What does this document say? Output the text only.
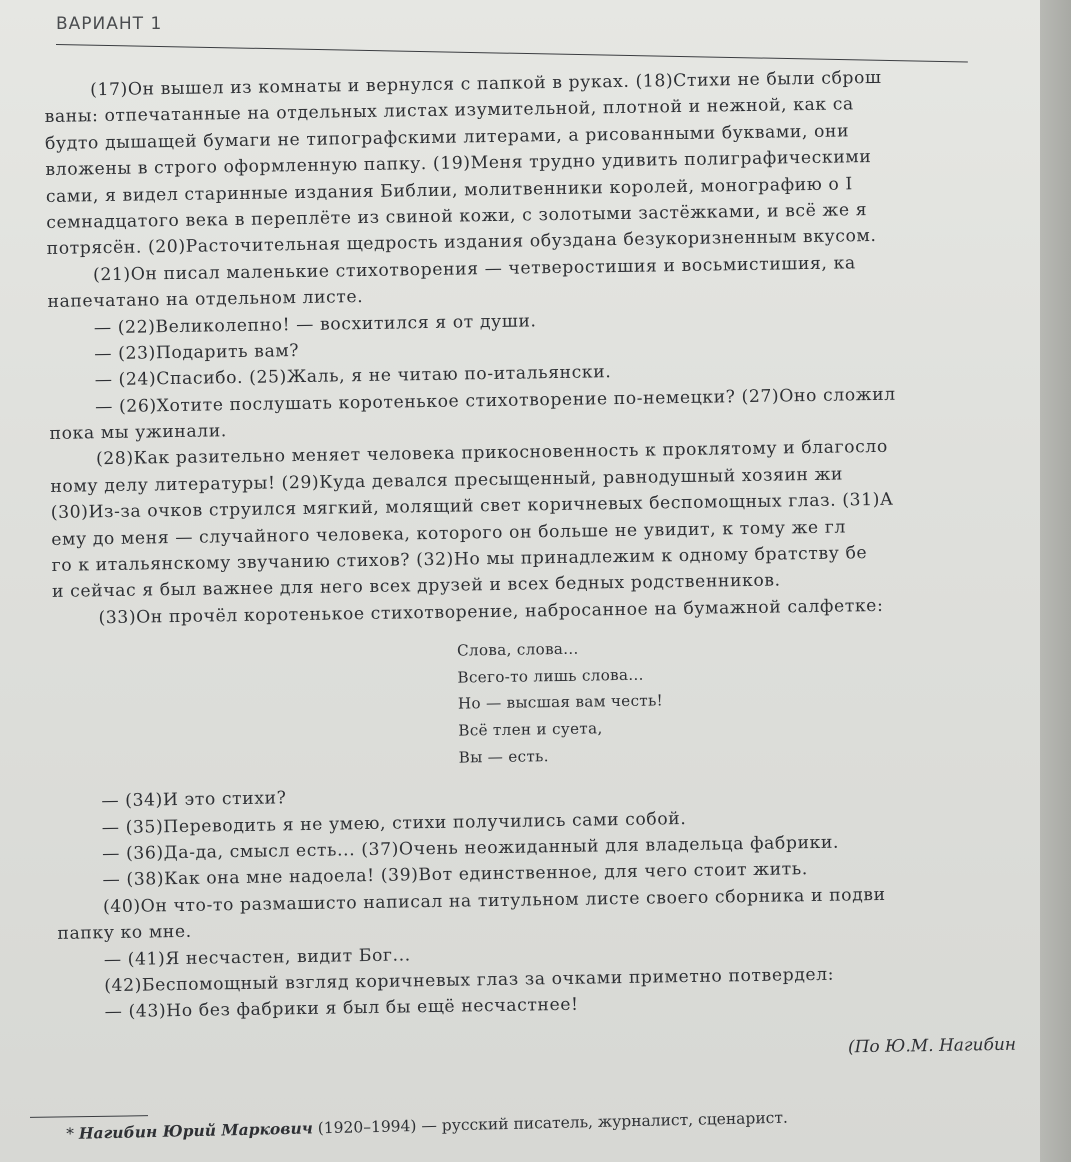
ВАРИАНТ 1
(17)Он вышел из комнаты и вернулся с папкой в руках. (18)Стихи не были сброш
ваны: отпечатанные на отдельных листах изумительной, плотной и нежной, как са
будто дышащей бумаги не типографскими литерами, а рисованными буквами, они
вложены в строго оформленную папку. (19)Меня трудно удивить полиграфическими
сами, я видел старинные издания Библии, молитвенники королей, монографию о I
семнадцатого века в переплёте из свиной кожи, с золотыми застёжками, и всё же я
потрясён. (20)Расточительная щедрость издания обуздана безукоризненным вкусом.
(21)Он писал маленькие стихотворения — четверостишия и восьмистишия, ка
напечатано на отдельном листе.
— (22)Великолепно! — восхитился я от души.
— (23)Подарить вам?
— (24)Спасибо. (25)Жаль, я не читаю по-итальянски.
— (26)Хотите послушать коротенькое стихотворение по-немецки? (27)Оно сложил
пока мы ужинали.
(28)Как разительно меняет человека прикосновенность к проклятому и благосло
ному делу литературы! (29)Куда девался пресыщенный, равнодушный хозяин жи
(30)Из-за очков струился мягкий, молящий свет коричневых беспомощных глаз. (31)А
ему до меня — случайного человека, которого он больше не увидит, к тому же гл
го к итальянскому звучанию стихов? (32)Но мы принадлежим к одному братству бе
и сейчас я был важнее для него всех друзей и всех бедных родственников.
(33)Он прочёл коротенькое стихотворение, набросанное на бумажной салфетке:
Слова, слова...
Всего-то лишь слова...
Но — высшая вам честь!
Всё тлен и суета,
Вы — есть.
— (34)И это стихи?
— (35)Переводить я не умею, стихи получились сами собой.
— (36)Да-да, смысл есть... (37)Очень неожиданный для владельца фабрики.
— (38)Как она мне надоела! (39)Вот единственное, для чего стоит жить.
(40)Он что-то размашисто написал на титульном листе своего сборника и подви
папку ко мне.
— (41)Я несчастен, видит Бог...
(42)Беспомощный взгляд коричневых глаз за очками приметно потвердел:
— (43)Но без фабрики я был бы ещё несчастнее!
(По Ю.М. Нагибин
* Нагибин Юрий Маркович (1920–1994) — русский писатель, журналист, сценарист.
